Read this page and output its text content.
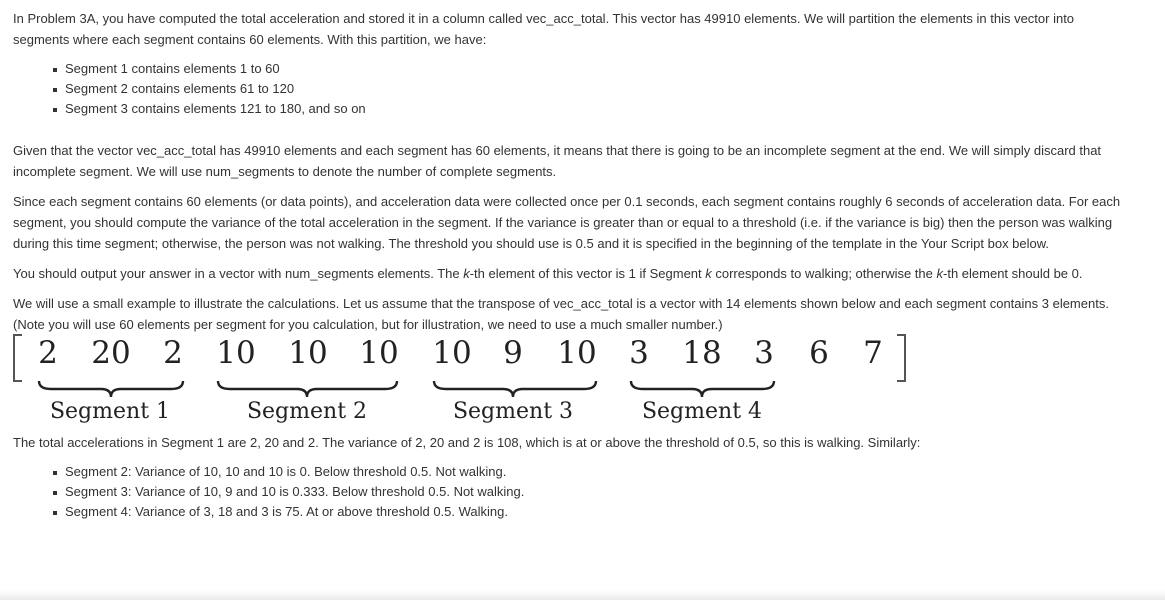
In Problem 3A, you have computed the total acceleration and stored it in a column called vec_acc_total. This vector has 49910 elements. We will partition the elements in this vector into segments where each segment contains 60 elements. With this partition, we have:

Segment 1 contains elements 1 to 60
Segment 2 contains elements 61 to 120
Segment 3 contains elements 121 to 180, and so on

Given that the vector vec_acc_total has 49910 elements and each segment has 60 elements, it means that there is going to be an incomplete segment at the end. We will simply discard that incomplete segment. We will use num_segments to denote the number of complete segments.

Since each segment contains 60 elements (or data points), and acceleration data were collected once per 0.1 seconds, each segment contains roughly 6 seconds of acceleration data. For each segment, you should compute the variance of the total acceleration in the segment. If the variance is greater than or equal to a threshold (i.e. if the variance is big) then the person was walking during this time segment; otherwise, the person was not walking. The threshold you should use is 0.5 and it is specified in the beginning of the template in the Your Script box below.

You should output your answer in a vector with num_segments elements. The k-th element of this vector is 1 if Segment k corresponds to walking; otherwise the k-th element should be 0.

We will use a small example to illustrate the calculations. Let us assume that the transpose of vec_acc_total is a vector with 14 elements shown below and each segment contains 3 elements. (Note you will use 60 elements per segment for you calculation, but for illustration, we need to use a much smaller number.)

2 20 2 10 10 10 10 9 10 3 18 3 6 7
Segment 1	Segment 2	Segment 3	Segment 4

The total accelerations in Segment 1 are 2, 20 and 2. The variance of 2, 20 and 2 is 108, which is at or above the threshold of 0.5, so this is walking. Similarly:

Segment 2: Variance of 10, 10 and 10 is 0. Below threshold 0.5. Not walking.
Segment 3: Variance of 10, 9 and 10 is 0.333. Below threshold 0.5. Not walking.
Segment 4: Variance of 3, 18 and 3 is 75. At or above threshold 0.5. Walking.
